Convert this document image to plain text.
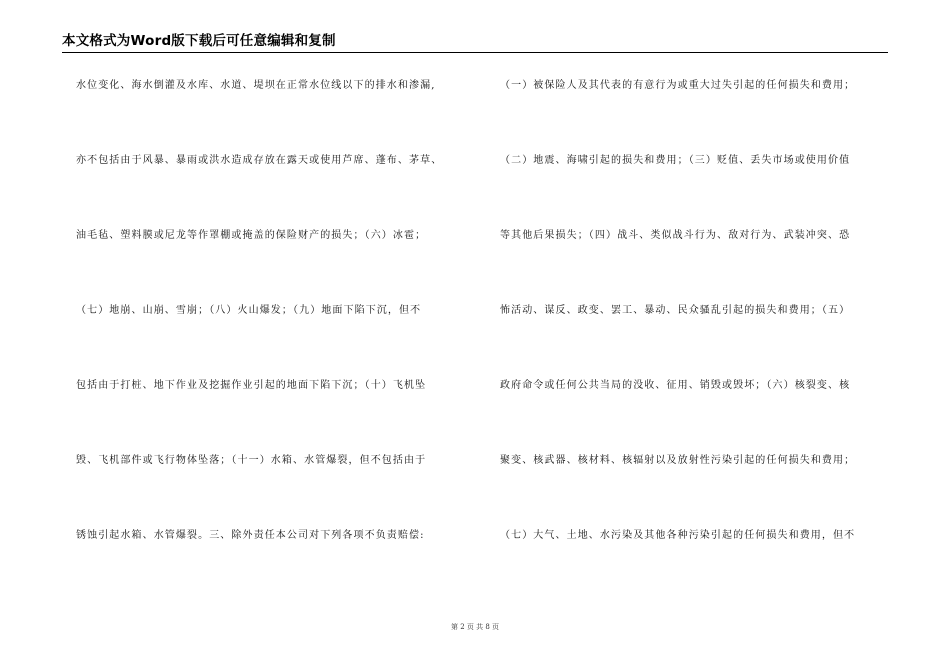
本文格式为Word版下载后可任意编辑和复制
水位变化、海水倒灌及水库、水道、堤坝在正常水位线以下的排水和渗漏,
亦不包括由于风暴、暴雨或洪水造成存放在露天或使用芦席、蓬布、茅草、
油毛毡、塑料膜或尼龙等作罩棚或掩盖的保险财产的损失；（六）冰雹；
（七）地崩、山崩、雪崩；（八）火山爆发；（九）地面下陷下沉，但不
包括由于打桩、地下作业及挖掘作业引起的地面下陷下沉；（十）飞机坠
毁、飞机部件或飞行物体坠落；（十一）水箱、水管爆裂，但不包括由于
锈蚀引起水箱、水管爆裂。三、除外责任本公司对下列各项不负责赔偿:
（一）被保险人及其代表的有意行为或重大过失引起的任何损失和费用；
（二）地震、海啸引起的损失和费用；（三）贬值、丢失市场或使用价值
等其他后果损失；（四）战斗、类似战斗行为、敌对行为、武装冲突、恐
怖活动、谋反、政变、罢工、暴动、民众骚乱引起的损失和费用；（五）
政府命令或任何公共当局的没收、征用、销毁或毁坏；（六）核裂变、核
聚变、核武器、核材料、核辐射以及放射性污染引起的任何损失和费用；
（七）大气、土地、水污染及其他各种污染引起的任何损失和费用，但不
第 2 页 共 8 页
